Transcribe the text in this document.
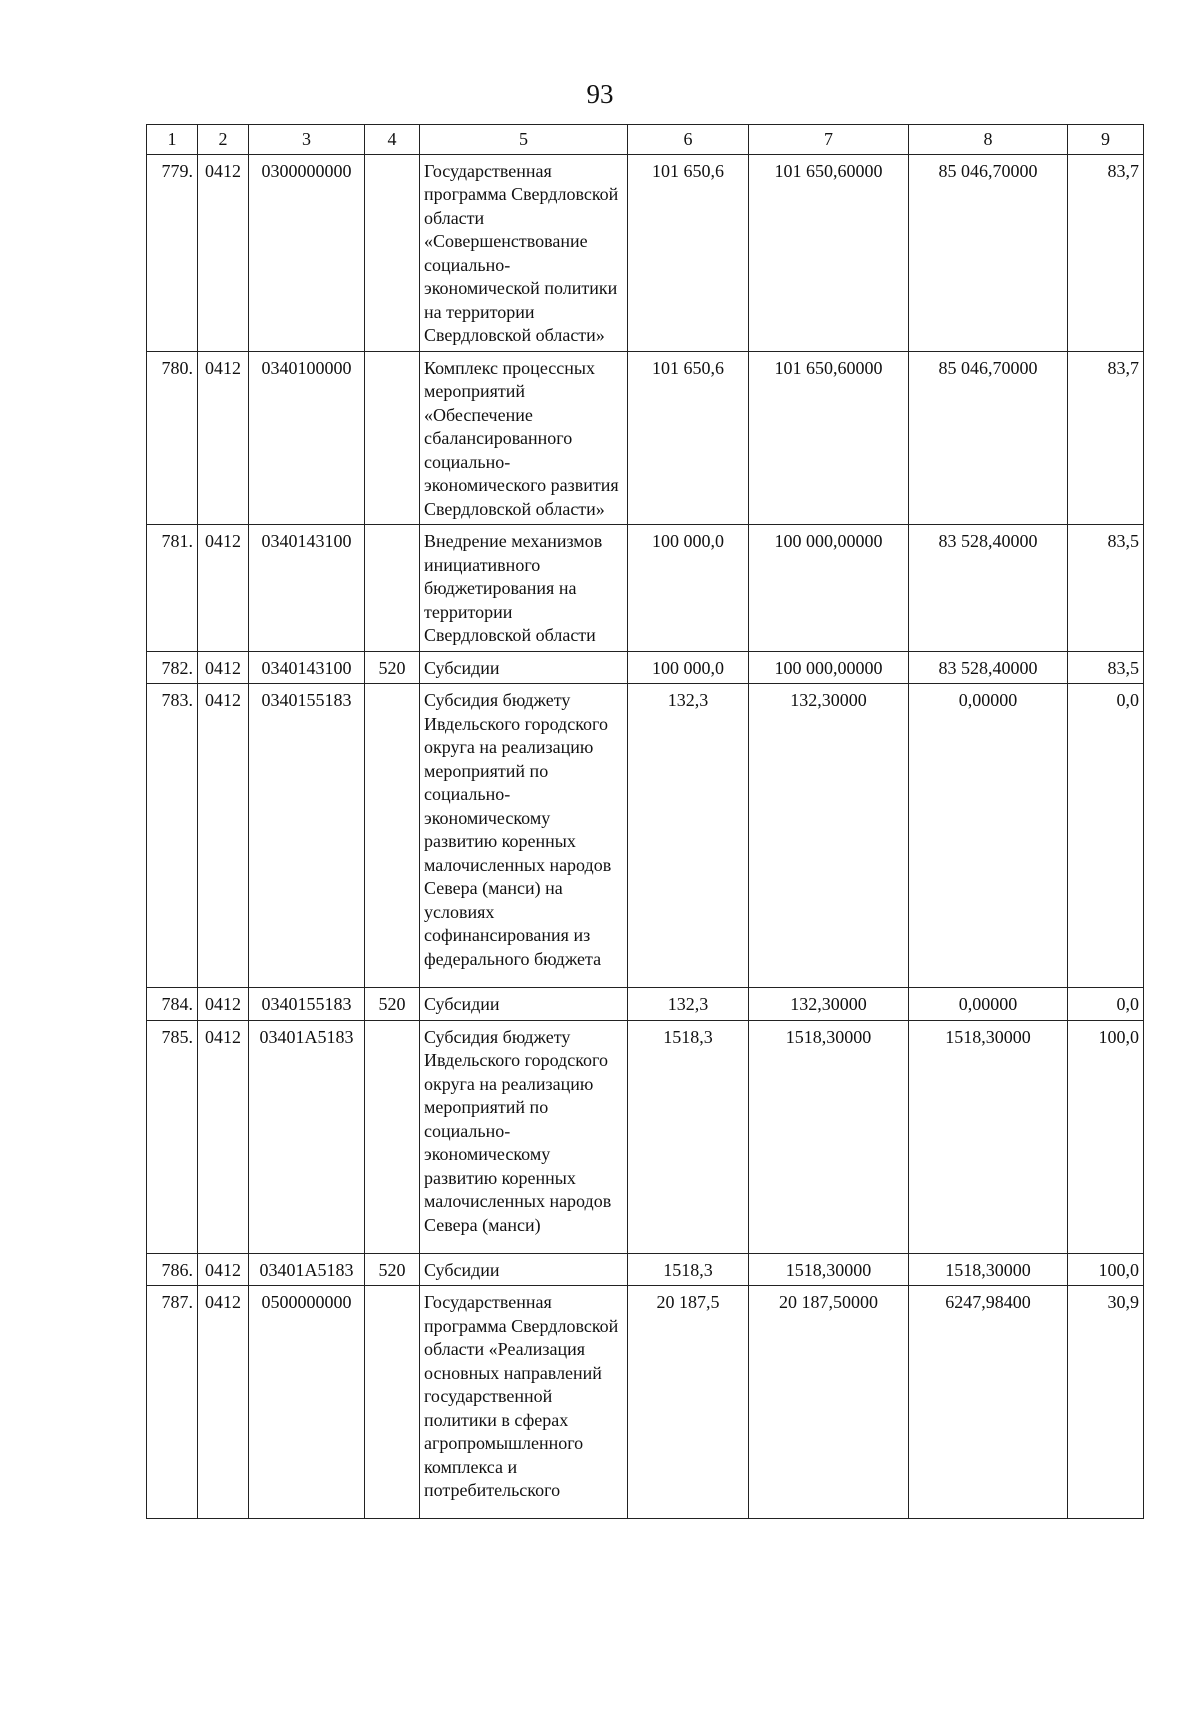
93
1	2	3	4	5	6	7	8	9
779.	0412	0300000000		Государственная программа Свердловской области «Совершенствование социально-экономической политики на территории Свердловской области»	101 650,6	101 650,60000	85 046,70000	83,7
780.	0412	0340100000		Комплекс процессных мероприятий «Обеспечение сбалансированного социально-экономического развития Свердловской области»	101 650,6	101 650,60000	85 046,70000	83,7
781.	0412	0340143100		Внедрение механизмов инициативного бюджетирования на территории Свердловской области	100 000,0	100 000,00000	83 528,40000	83,5
782.	0412	0340143100	520	Субсидии	100 000,0	100 000,00000	83 528,40000	83,5
783.	0412	0340155183		Субсидия бюджету Ивдельского городского округа на реализацию мероприятий по социально-экономическому развитию коренных малочисленных народов Севера (манси) на условиях софинансирования из федерального бюджета	132,3	132,30000	0,00000	0,0
784.	0412	0340155183	520	Субсидии	132,3	132,30000	0,00000	0,0
785.	0412	03401А5183		Субсидия бюджету Ивдельского городского округа на реализацию мероприятий по социально-экономическому развитию коренных малочисленных народов Севера (манси)	1518,3	1518,30000	1518,30000	100,0
786.	0412	03401А5183	520	Субсидии	1518,3	1518,30000	1518,30000	100,0
787.	0412	0500000000		Государственная программа Свердловской области «Реализация основных направлений государственной политики в сферах агропромышленного комплекса и потребительского	20 187,5	20 187,50000	6247,98400	30,9
